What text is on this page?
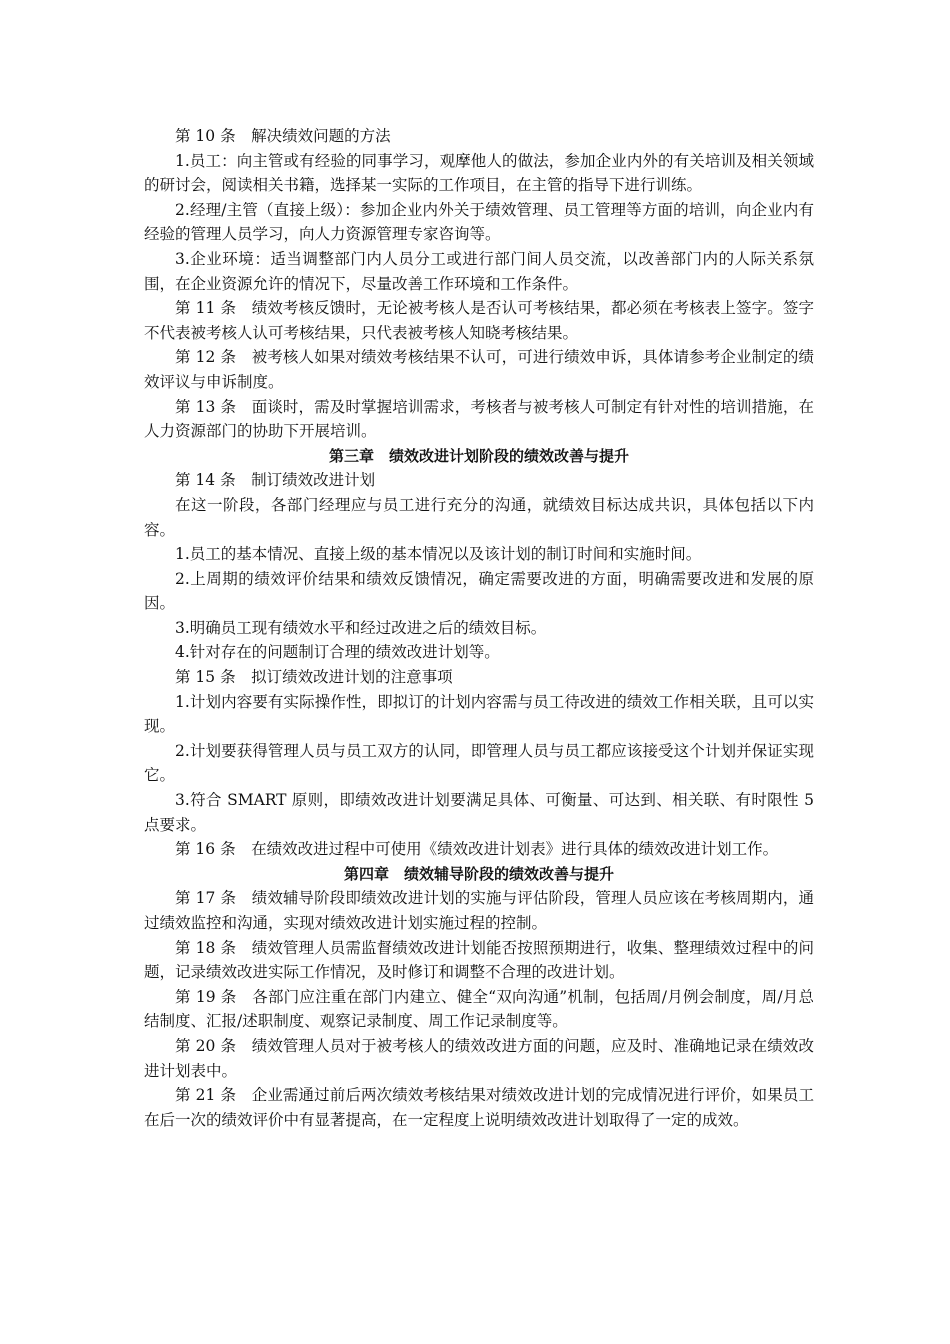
第 10 条　解决绩效问题的方法

1.员工：向主管或有经验的同事学习，观摩他人的做法，参加企业内外的有关培训及相关领域的研讨会，阅读相关书籍，选择某一实际的工作项目，在主管的指导下进行训练。

2.经理/主管（直接上级）：参加企业内外关于绩效管理、员工管理等方面的培训，向企业内有经验的管理人员学习，向人力资源管理专家咨询等。

3.企业环境：适当调整部门内人员分工或进行部门间人员交流，以改善部门内的人际关系氛围，在企业资源允许的情况下，尽量改善工作环境和工作条件。

第 11 条　绩效考核反馈时，无论被考核人是否认可考核结果，都必须在考核表上签字。签字不代表被考核人认可考核结果，只代表被考核人知晓考核结果。

第 12 条　被考核人如果对绩效考核结果不认可，可进行绩效申诉，具体请参考企业制定的绩效评议与申诉制度。

第 13 条　面谈时，需及时掌握培训需求，考核者与被考核人可制定有针对性的培训措施，在人力资源部门的协助下开展培训。

第三章　绩效改进计划阶段的绩效改善与提升

第 14 条　制订绩效改进计划

在这一阶段，各部门经理应与员工进行充分的沟通，就绩效目标达成共识，具体包括以下内容。

1.员工的基本情况、直接上级的基本情况以及该计划的制订时间和实施时间。

2.上周期的绩效评价结果和绩效反馈情况，确定需要改进的方面，明确需要改进和发展的原因。

3.明确员工现有绩效水平和经过改进之后的绩效目标。

4.针对存在的问题制订合理的绩效改进计划等。

第 15 条　拟订绩效改进计划的注意事项

1.计划内容要有实际操作性，即拟订的计划内容需与员工待改进的绩效工作相关联，且可以实现。

2.计划要获得管理人员与员工双方的认同，即管理人员与员工都应该接受这个计划并保证实现它。

3.符合 SMART 原则，即绩效改进计划要满足具体、可衡量、可达到、相关联、有时限性 5 点要求。

第 16 条　在绩效改进过程中可使用《绩效改进计划表》进行具体的绩效改进计划工作。

第四章　绩效辅导阶段的绩效改善与提升

第 17 条　绩效辅导阶段即绩效改进计划的实施与评估阶段，管理人员应该在考核周期内，通过绩效监控和沟通，实现对绩效改进计划实施过程的控制。

第 18 条　绩效管理人员需监督绩效改进计划能否按照预期进行，收集、整理绩效过程中的问题，记录绩效改进实际工作情况，及时修订和调整不合理的改进计划。

第 19 条　各部门应注重在部门内建立、健全“双向沟通”机制，包括周/月例会制度，周/月总结制度、汇报/述职制度、观察记录制度、周工作记录制度等。

第 20 条　绩效管理人员对于被考核人的绩效改进方面的问题，应及时、准确地记录在绩效改进计划表中。

第 21 条　企业需通过前后两次绩效考核结果对绩效改进计划的完成情况进行评价，如果员工在后一次的绩效评价中有显著提高，在一定程度上说明绩效改进计划取得了一定的成效。
